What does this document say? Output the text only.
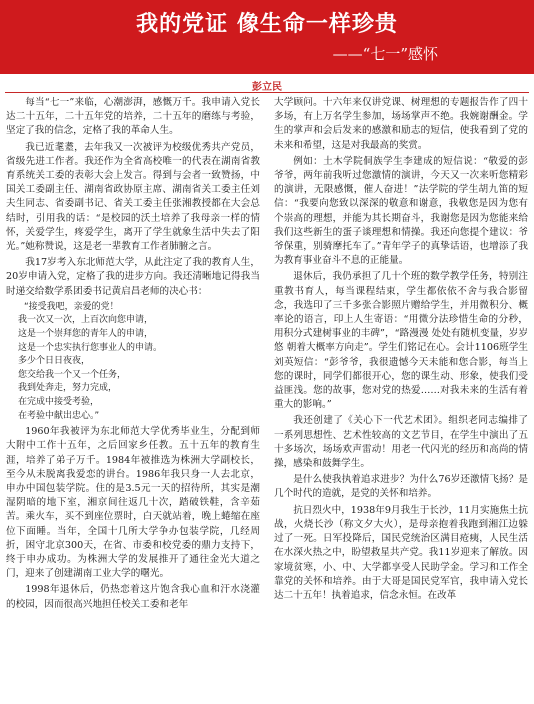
我的党证 像生命一样珍贵
——“七一”感怀
彭立民

每当“七一”来临，心潮澎湃，感慨万千。我申请入党长达二十五年，二十五年党的培养，二十五年的磨练与考验，坚定了我的信念，定格了我的革命人生。

我已近耄耋，去年我又一次被评为校级优秀共产党员，省级先进工作者。我还作为全省高校唯一的代表在湖南省教育系统关工委的表彰大会上发言。得到与会者一致赞扬，中国关工委副主任、湖南省政协原主席、湖南省关工委主任刘夫生同志、省委副书记、省关工委主任张湘教授都在大会总结时，引用我的话：“是校园的沃土培养了我母亲一样的情怀，关爱学生，疼爱学生，离开了学生就象生活中失去了阳光。”她称赞说，这是老一辈教育工作者肺腑之言。

我17岁考入东北师范大学，从此注定了我的教育人生，20岁申请入党，定格了我的进步方向。我还清晰地记得我当时递交给数学系团委书记黄启昌老师的决心书：

“接受我吧，亲爱的党！
我一次又一次，上百次向您申请，
这是一个崇拜您的青年人的申请，
这是一个忠实执行您事业人的申请。
多少个日日夜夜，
您交给我一个又一个任务，
我到处奔走，努力完成，
在完成中接受考验，
在考验中献出忠心。”

1960年我被评为东北师范大学优秀毕业生，分配到师大附中工作十五年，之后回家乡任教。五十五年的教育生涯，培养了弟子万千。1984年被推选为株洲大学副校长，至今从未脱离我爱恋的讲台。1986年我只身一人去北京，申办中国包装学院。住的是3.5元一天的招待所，其实是潮湿阴暗的地下室，湘京间往返几十次，踏破铁鞋，含辛茹苦。乘火车，买不到座位票时，白天就站着，晚上蜷缩在座位下面睡。当年，全国十几所大学争办包装学院，几经周折，困守北京300天，在省、市委和校党委的鼎力支持下，终于申办成功。为株洲大学的发展推开了通往金光大道之门，迎来了创建湖南工业大学的曙光。

1998年退休后，仍热恋着这片饱含我心血和汗水浇灌的校园，因而很高兴地担任校关工委和老年

大学顾问。十六年来仅讲党课、树理想的专题报告作了四十多场，有上万名学生参加，场场掌声不绝。我婉谢酬金。学生的掌声和会后发来的感激和励志的短信，使我看到了党的未来和希望，这是对我最高的奖赏。

例如：土木学院侗族学生李建成的短信说：“敬爱的彭爷爷，两年前我听过您激情的演讲，今天又一次来听您精彩的演讲，无限感慨，催人奋进！”法学院的学生胡九笛的短信：“我要向您致以深深的敬意和谢意，我敬您是因为您有个崇高的理想，并能为其长期奋斗，我谢您是因为您能来给我们这些新生的蛋子谈理想和情操。我还向您提个建议：爷爷保重，别骑摩托车了。”青年学子的真挚话语，也增添了我为教育事业奋斗不息的正能量。

退休后，我仍承担了几十个班的数学教学任务，特别注重教书育人，每当课程结束，学生都依依不舍与我合影留念，我选印了三千多张合影照片赠给学生，并用微积分、概率论的语言，印上人生寄语：“用微分法珍惜生命的分秒，用积分式建树事业的丰碑”，“路漫漫 处处有随机变量，岁岁悠 朝着大概率方向走”。学生们铭记在心。会计1106班学生刘英短信：“彭爷爷，我很遗憾今天未能和您合影，每当上您的课时，同学们都很开心，您的课生动、形象，使我们受益匪浅。您的故事，您对党的热爱……对我未来的生活有着重大的影响。”

我还创建了《关心下一代艺术团》。组织老同志编排了一系列思想性、艺术性较高的文艺节目，在学生中演出了五十多场次，场场欢声雷动！用老一代闪光的经历和高尚的情操，感染和鼓舞学生。

是什么使我执着追求进步？为什么76岁还激情飞扬？是几个时代的造就，是党的关怀和培养。

抗日烈火中，1938年9月我生于长沙，11月实施焦土抗战，火烧长沙（称文夕大火），是母亲抱着我跑到湘江边躲过了一死。日军投降后，国民党统治区满目疮痍，人民生活在水深火热之中，盼望救星共产党。我11岁迎来了解放。因家境贫寒，小、中、大学都享受人民助学金。学习和工作全靠党的关怀和培养。由于大哥是国民党军官，我申请入党长达二十五年！执着追求，信念永恒。在改革
